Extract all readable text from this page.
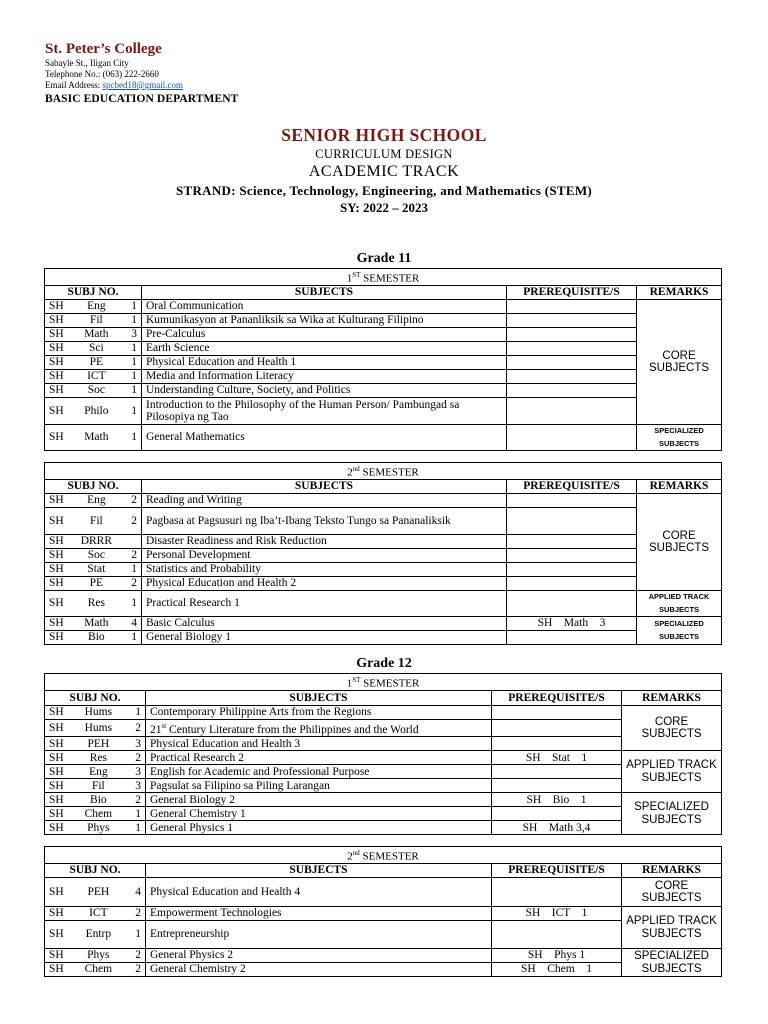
St. Peter’s College
Sabayle St., Iligan City
Telephone No.: (063) 222-2660
Email Address: spcbed18@gmail.com
BASIC EDUCATION DEPARTMENT
SENIOR HIGH SCHOOL
CURRICULUM DESIGN
ACADEMIC TRACK
STRAND: Science, Technology, Engineering, and Mathematics (STEM)
SY: 2022 – 2023
Grade 11
Grade 12
1ST SEMESTER			
SUBJ NO.	SUBJECTS	PREREQUISITE/S	REMARKS

SH Eng 1	Oral Communication		CORE SUBJECTS

SH Fil 1	Kumunikasyon at Pananliksik sa Wika at Kulturang Filipino		

SH Math 3	Pre-Calculus		

SH Sci 1	Earth Science		

SH PE 1	Physical Education and Health 1		

SH ICT 1	Media and Information Literacy		

SH Soc 1	Understanding Culture, Society, and Politics		

SH Philo 1	Introduction to the Philosophy of the Human Person/ Pambungad sa Pilosopiya ng Tao		

SH Math 1	General Mathematics		SPECIALIZED SUBJECTS
2nd SEMESTER			
SUBJ NO.	SUBJECTS	PREREQUISITE/S	REMARKS

SH Eng 2	Reading and Writing		CORE SUBJECTS

SH Fil 2	Pagbasa at Pagsusuri ng Iba’t-Ibang Teksto Tungo sa Pananaliksik		

SH DRRR	Disaster Readiness and Risk Reduction		

SH Soc 2	Personal Development		

SH Stat 1	Statistics and Probability		

SH PE 2	Physical Education and Health 2		

SH Res 1	Practical Research 1		APPLIED TRACK SUBJECTS

SH Math 4	Basic Calculus	SH    Math    3	SPECIALIZED SUBJECTS

SH Bio 1	General Biology 1		
1ST SEMESTER			
SUBJ NO.	SUBJECTS	PREREQUISITE/S	REMARKS

SH Hums 1	Contemporary Philippine Arts from the Regions		CORE SUBJECTS

SH Hums 2	21st Century Literature from the Philippines and the World		

SH PEH 3	Physical Education and Health 3		

SH Res 2	Practical Research 2	SH    Stat    1	APPLIED TRACK SUBJECTS

SH Eng 3	English for Academic and Professional Purpose		

SH Fil 3	Pagsulat sa Filipino sa Piling Larangan		

SH Bio 2	General Biology 2	SH    Bio    1	SPECIALIZED SUBJECTS

SH Chem 1	General Chemistry 1		

SH Phys 1	General Physics 1	SH    Math 3,4	
2nd SEMESTER			
SUBJ NO.	SUBJECTS	PREREQUISITE/S	REMARKS

SH PEH 4	Physical Education and Health 4		CORE SUBJECTS

SH ICT 2	Empowerment Technologies	SH    ICT    1	APPLIED TRACK SUBJECTS

SH Entrp 1	Entrepreneurship		

SH Phys 2	General Physics 2	SH    Phys 1	SPECIALIZED SUBJECTS

SH Chem 2	General Chemistry 2	SH    Chem    1	
